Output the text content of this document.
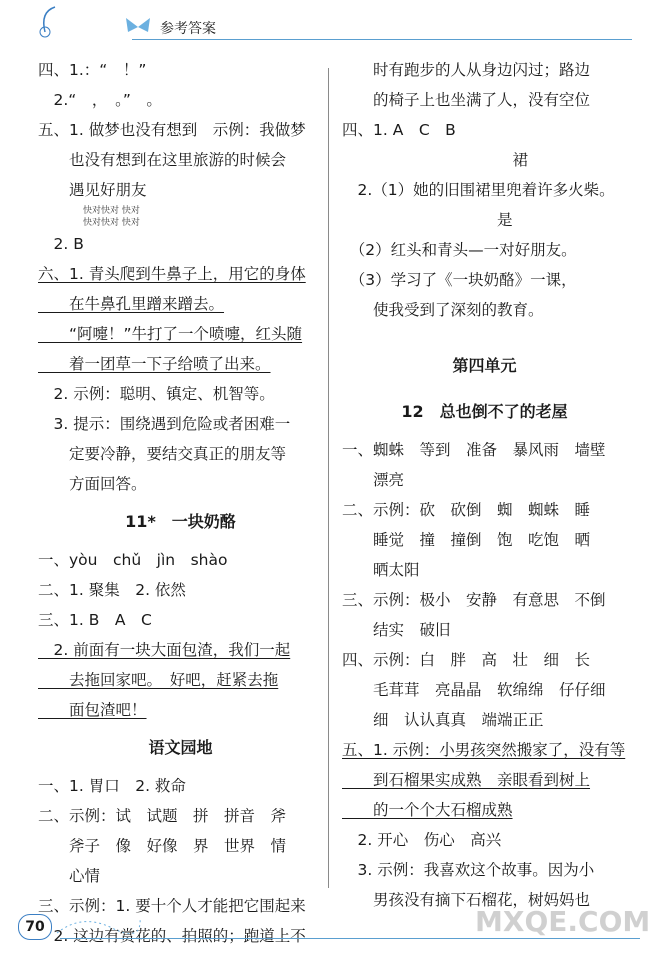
参考答案
四、1.：“　！”
　2.“　，　。”　。
五、1. 做梦也没有想到　示例：我做梦
　　也没有想到在这里旅游的时候会
　　遇见好朋友
　　　　　快对快对 快对
　　　　　快对快对 快对
　2. B
六、1. 青头爬到牛鼻子上，用它的身体
　　在牛鼻孔里蹭来蹭去。
　　“阿嚏！”牛打了一个喷嚏，红头随
　　着一团草一下子给喷了出来。
　2. 示例：聪明、镇定、机智等。
　3. 提示：围绕遇到危险或者困难一
　　定要冷静，要结交真正的朋友等
　　方面回答。
11*　一块奶酪
一、yòu　chǔ　jìn　shào
二、1. 聚集　2. 依然
三、1. B　A　C
　2. 前面有一块大面包渣，我们一起
　　去拖回家吧。　好吧，赶紧去拖
　　面包渣吧！
语文园地
一、1. 胃口　2. 救命
二、示例：试　试题　拼　拼音　斧
　　斧子　像　好像　界　世界　情
　　心情
三、示例：1. 要十个人才能把它围起来
　2. 这边有赏花的、拍照的；跑道上不
　　时有跑步的人从身边闪过；路边
　　的椅子上也坐满了人，没有空位
四、1. A　C　B
　　　　　　　　　　　裙
　2.（1）她的旧围裙里兜着许多火柴。
　　　　　　　　　　是
　（2）红头和青头—一对好朋友。
　（3）学习了《一块奶酪》一课，
　　使我受到了深刻的教育。
第四单元
12　总也倒不了的老屋
一、蜘蛛　等到　准备　暴风雨　墙壁
　　漂亮
二、示例：砍　砍倒　蜘　蜘蛛　睡
　　睡觉　撞　撞倒　饱　吃饱　晒
　　晒太阳
三、示例：极小　安静　有意思　不倒
　　结实　破旧
四、示例：白　胖　高　壮　细　长
　　毛茸茸　亮晶晶　软绵绵　仔仔细
　　细　认认真真　端端正正
五、1. 示例：小男孩突然搬家了，没有等
　　到石榴果实成熟　亲眼看到树上
　　的一个个大石榴成熟
　2. 开心　伤心　高兴
　3. 示例：我喜欢这个故事。因为小
　　男孩没有摘下石榴花，树妈妈也
70	MXQE.COM
